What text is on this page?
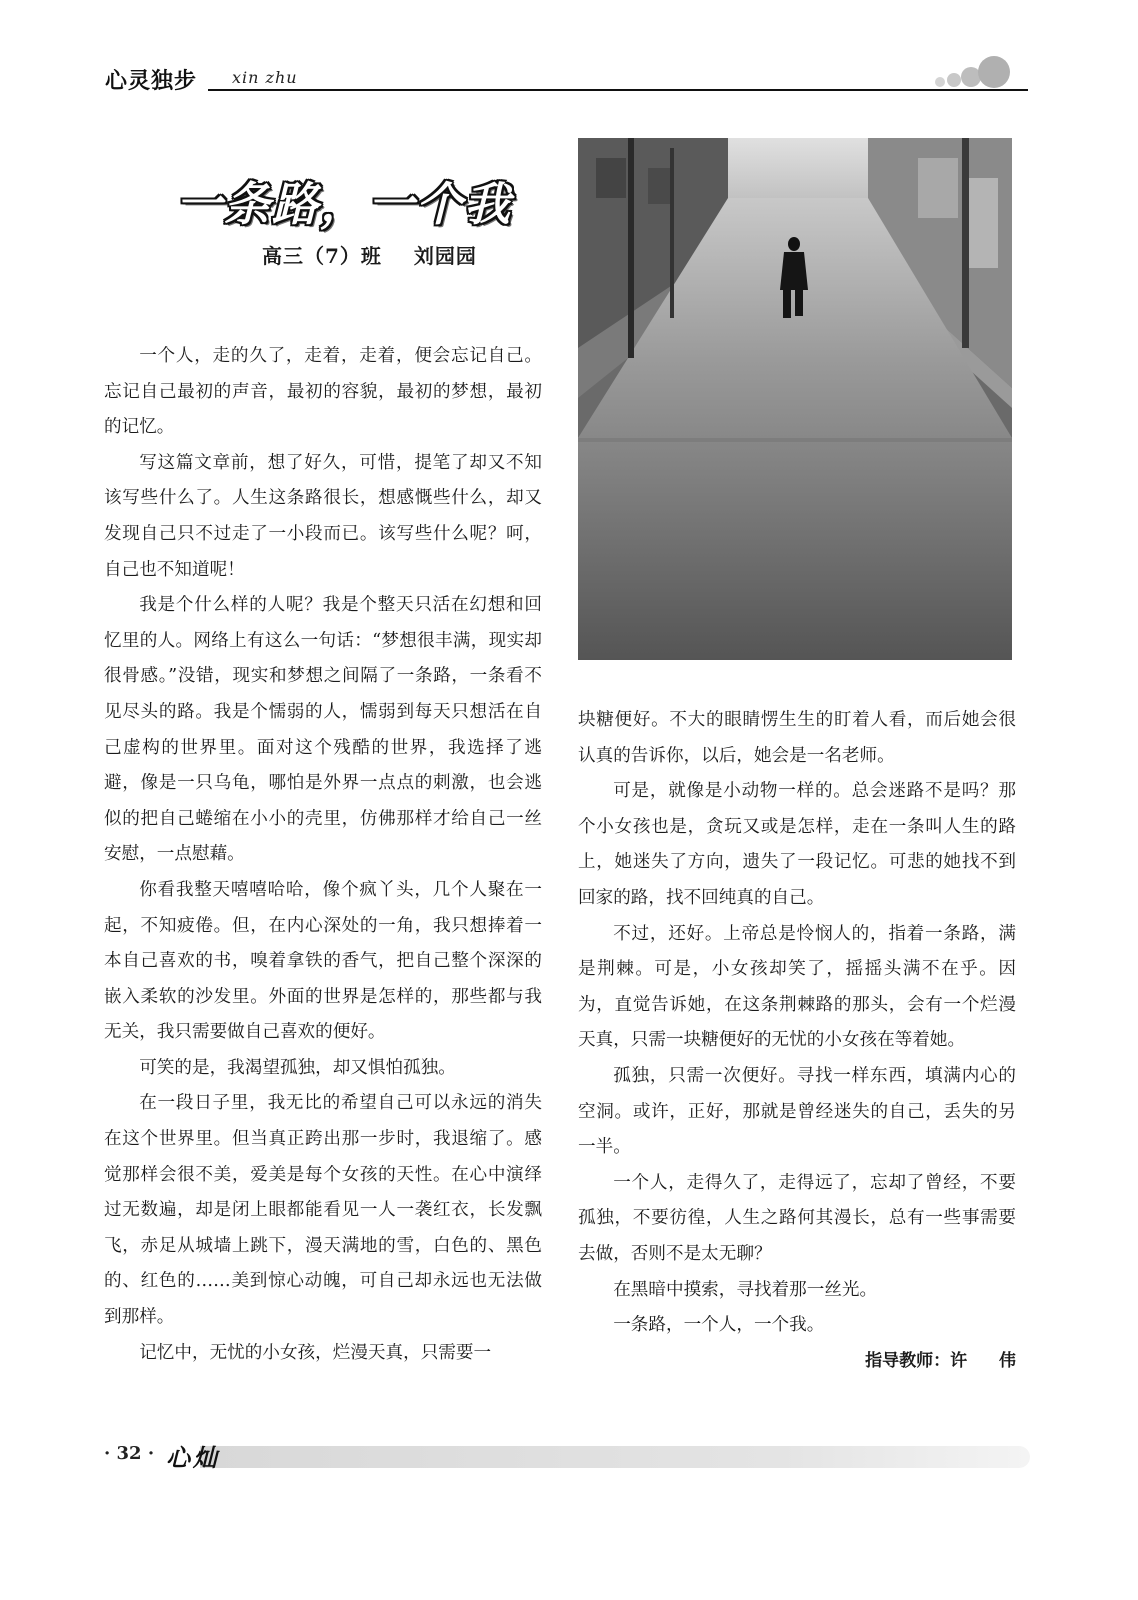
心灵独步 xin zhu
一条路，一个我
高三（7）班  刘园园

一个人，走的久了，走着，走着，便会忘记自己。忘记自己最初的声音，最初的容貌，最初的梦想，最初的记忆。

写这篇文章前，想了好久，可惜，提笔了却又不知该写些什么了。人生这条路很长，想感慨些什么，却又发现自己只不过走了一小段而已。该写些什么呢？呵，自己也不知道呢！

我是个什么样的人呢？我是个整天只活在幻想和回忆里的人。网络上有这么一句话：“梦想很丰满，现实却很骨感。”没错，现实和梦想之间隔了一条路，一条看不见尽头的路。我是个懦弱的人，懦弱到每天只想活在自己虚构的世界里。面对这个残酷的世界，我选择了逃避，像是一只乌龟，哪怕是外界一点点的刺激，也会逃似的把自己蜷缩在小小的壳里，仿佛那样才给自己一丝安慰，一点慰藉。

你看我整天嘻嘻哈哈，像个疯丫头，几个人聚在一起，不知疲倦。但，在内心深处的一角，我只想捧着一本自己喜欢的书，嗅着拿铁的香气，把自己整个深深的嵌入柔软的沙发里。外面的世界是怎样的，那些都与我无关，我只需要做自己喜欢的便好。

可笑的是，我渴望孤独，却又惧怕孤独。

在一段日子里，我无比的希望自己可以永远的消失在这个世界里。但当真正跨出那一步时，我退缩了。感觉那样会很不美，爱美是每个女孩的天性。在心中演绎过无数遍，却是闭上眼都能看见一人一袭红衣，长发飘飞，赤足从城墙上跳下，漫天满地的雪，白色的、黑色的、红色的……美到惊心动魄，可自己却永远也无法做到那样。

记忆中，无忧的小女孩，烂漫天真，只需要一

块糖便好。不大的眼睛愣生生的盯着人看，而后她会很认真的告诉你，以后，她会是一名老师。

可是，就像是小动物一样的。总会迷路不是吗？那个小女孩也是，贪玩又或是怎样，走在一条叫人生的路上，她迷失了方向，遗失了一段记忆。可悲的她找不到回家的路，找不回纯真的自己。

不过，还好。上帝总是怜悯人的，指着一条路，满是荆棘。可是，小女孩却笑了，摇摇头满不在乎。因为，直觉告诉她，在这条荆棘路的那头，会有一个烂漫天真，只需一块糖便好的无忧的小女孩在等着她。

孤独，只需一次便好。寻找一样东西，填满内心的空洞。或许，正好，那就是曾经迷失的自己，丢失的另一半。

一个人，走得久了，走得远了，忘却了曾经，不要孤独，不要彷徨，人生之路何其漫长，总有一些事需要去做，否则不是太无聊？

在黑暗中摸索，寻找着那一丝光。

一条路，一个人，一个我。

指导教师：许  伟
· 32 · 心灿
